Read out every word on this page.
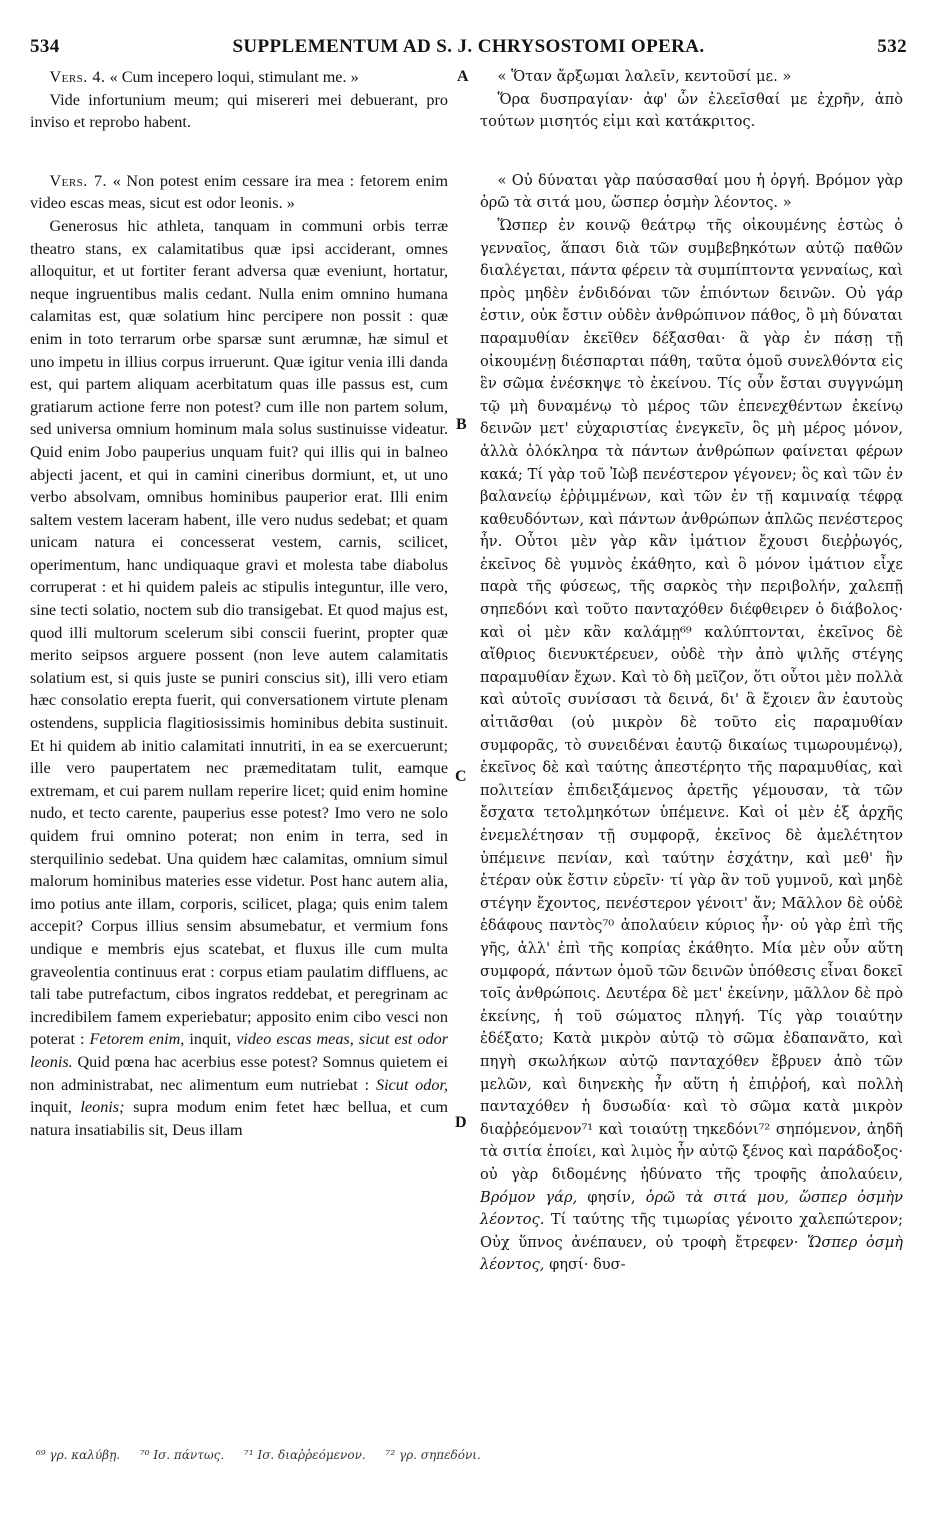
534	SUPPLEMENTUM AD S. J. CHRYSOSTOMI OPERA.	532

Vers. 4. « Cum incepero loqui, stimulant me. »

Vide infortunium meum; qui misereri mei debuerant, pro inviso et reprobo habent.

Vers. 7. « Non potest enim cessare ira mea : fetorem enim video escas meas, sicut est odor leonis. »

Generosus hic athleta, tanquam in communi orbis terræ theatro stans, ex calamitatibus quæ ipsi acciderant, omnes alloquitur, et ut fortiter ferant adversa quæ eveniunt, hortatur, neque ingruentibus malis cedant. Nulla enim omnino humana calamitas est, quæ solatium hinc percipere non possit : quæ enim in toto terrarum orbe sparsæ sunt ærumnæ, hæ simul et uno impetu in illius corpus irruerunt. Quæ igitur venia illi danda est, qui partem aliquam acerbitatum quas ille passus est, cum gratiarum actione ferre non potest? cum ille non partem solum, sed universa omnium hominum mala solus sustinuisse videatur. Quid enim Jobo pauperius unquam fuit? qui illis qui in balneo abjecti jacent, et qui in camini cineribus dormiunt, et, ut uno verbo absolvam, omnibus hominibus pauperior erat. Illi enim saltem vestem laceram habent, ille vero nudus sedebat; et quam unicam natura ei concesserat vestem, carnis, scilicet, operimentum, hanc undiquaque gravi et molesta tabe diabolus corruperat : et hi quidem paleis ac stipulis integuntur, ille vero, sine tecti solatio, noctem sub dio transigebat. Et quod majus est, quod illi multorum scelerum sibi conscii fuerint, propter quæ merito seipsos arguere possent (non leve autem calamitatis solatium est, si quis juste se puniri conscius sit), illi vero etiam hæc consolatio erepta fuerit, qui conversationem virtute plenam ostendens, supplicia flagitiosissimis hominibus debita sustinuit. Et hi quidem ab initio calamitati innutriti, in ea se exercuerunt; ille vero paupertatem nec præmeditatam tulit, eamque extremam, et cui parem nullam reperire licet; quid enim homine nudo, et tecto carente, pauperius esse potest? Imo vero ne solo quidem frui omnino poterat; non enim in terra, sed in sterquilinio sedebat. Una quidem hæc calamitas, omnium simul malorum hominibus materies esse videtur. Post hanc autem alia, imo potius ante illam, corporis, scilicet, plaga; quis enim talem accepit? Corpus illius sensim absumebatur, et vermium fons undique e membris ejus scatebat, et fluxus ille cum multa graveolentia continuus erat : corpus etiam paulatim diffluens, ac tali tabe putrefactum, cibos ingratos reddebat, et peregrinam ac incredibilem famem experiebatur; apposito enim cibo vesci non poterat : Fetorem enim, inquit, video escas meas, sicut est odor leonis. Quid pœna hac acerbius esse potest? Somnus quietem ei non administrabat, nec alimentum eum nutriebat : Sicut odor, inquit, leonis; supra modum enim fetet hæc bellua, et cum natura insatiabilis sit, Deus illam

A
B
C
D

« Ὅταν ἄρξωμαι λαλεῖν, κεντοῦσί με. »

Ὅρα δυσπραγίαν· ἀφ' ὧν ἐλεεῖσθαί με ἐχρῆν, ἀπὸ τούτων μισητός εἰμι καὶ κατάκριτος.

« Οὐ δύναται γὰρ παύσασθαί μου ἡ ὀργή. Βρόμον γὰρ ὁρῶ τὰ σιτά μου, ὥσπερ ὀσμὴν λέοντος. »

Ὥσπερ ἐν κοινῷ θεάτρῳ τῆς οἰκουμένης ἑστὼς ὁ γενναῖος, ἅπασι διὰ τῶν συμβεβηκότων αὐτῷ παθῶν διαλέγεται, πάντα φέρειν τὰ συμπίπτοντα γενναίως, καὶ πρὸς μηδὲν ἐνδιδόναι τῶν ἐπιόντων δεινῶν. Οὐ γάρ ἐστιν, οὐκ ἔστιν οὐδὲν ἀνθρώπινον πάθος, ὃ μὴ δύναται παραμυθίαν ἐκεῖθεν δέξασθαι· ἃ γὰρ ἐν πάσῃ τῇ οἰκουμένῃ διέσπαρται πάθη, ταῦτα ὁμοῦ συνελθόντα εἰς ἓν σῶμα ἐνέσκηψε τὸ ἐκείνου. Τίς οὖν ἔσται συγγνώμη τῷ μὴ δυναμένῳ τὸ μέρος τῶν ἐπενεχθέντων ἐκείνῳ δεινῶν μετ' εὐχαριστίας ἐνεγκεῖν, ὃς μὴ μέρος μόνον, ἀλλὰ ὁλόκληρα τὰ πάντων ἀνθρώπων φαίνεται φέρων κακά; Τί γὰρ τοῦ Ἰὼβ πενέστερον γέγονεν; ὃς καὶ τῶν ἐν βαλανείῳ ἐῤῥιμμένων, καὶ τῶν ἐν τῇ καμιναίᾳ τέφρᾳ καθευδόντων, καὶ πάντων ἀνθρώπων ἁπλῶς πενέστερος ἦν. Οὗτοι μὲν γὰρ κἂν ἱμάτιον ἔχουσι διεῤῥωγός, ἐκεῖνος δὲ γυμνὸς ἐκάθητο, καὶ ὃ μόνον ἱμάτιον εἶχε παρὰ τῆς φύσεως, τῆς σαρκὸς τὴν περιβολήν, χαλεπῇ σηπεδόνι καὶ τοῦτο πανταχόθεν διέφθειρεν ὁ διάβολος· καὶ οἱ μὲν κἂν καλάμῃ⁶⁹ καλύπτονται, ἐκεῖνος δὲ αἴθριος διενυκτέρευεν, οὐδὲ τὴν ἀπὸ ψιλῆς στέγης παραμυθίαν ἔχων. Καὶ τὸ δὴ μεῖζον, ὅτι οὗτοι μὲν πολλὰ καὶ αὐτοῖς συνίσασι τὰ δεινά, δι' ἃ ἔχοιεν ἂν ἑαυτοὺς αἰτιᾶσθαι (οὐ μικρὸν δὲ τοῦτο εἰς παραμυθίαν συμφορᾶς, τὸ συνειδέναι ἑαυτῷ δικαίως τιμωρουμένῳ), ἐκεῖνος δὲ καὶ ταύτης ἀπεστέρητο τῆς παραμυθίας, καὶ πολιτείαν ἐπιδειξάμενος ἀρετῆς γέμουσαν, τὰ τῶν ἔσχατα τετολμηκότων ὑπέμεινε. Καὶ οἱ μὲν ἐξ ἀρχῆς ἐνεμελέτησαν τῇ συμφορᾷ, ἐκεῖνος δὲ ἀμελέτητον ὑπέμεινε πενίαν, καὶ ταύτην ἐσχάτην, καὶ μεθ' ἣν ἑτέραν οὐκ ἔστιν εὑρεῖν· τί γὰρ ἂν τοῦ γυμνοῦ, καὶ μηδὲ στέγην ἔχοντος, πενέστερον γένοιτ' ἄν; Μᾶλλον δὲ οὐδὲ ἐδάφους παντὸς⁷⁰ ἀπολαύειν κύριος ἦν· οὐ γὰρ ἐπὶ τῆς γῆς, ἀλλ' ἐπὶ τῆς κοπρίας ἐκάθητο. Μία μὲν οὖν αὕτη συμφορά, πάντων ὁμοῦ τῶν δεινῶν ὑπόθεσις εἶναι δοκεῖ τοῖς ἀνθρώποις. Δευτέρα δὲ μετ' ἐκείνην, μᾶλλον δὲ πρὸ ἐκείνης, ἡ τοῦ σώματος πληγή. Τίς γὰρ τοιαύτην ἐδέξατο; Κατὰ μικρὸν αὐτῷ τὸ σῶμα ἐδαπανᾶτο, καὶ πηγὴ σκωλήκων αὐτῷ πανταχόθεν ἔβρυεν ἀπὸ τῶν μελῶν, καὶ διηνεκὴς ἦν αὕτη ἡ ἐπιῤῥοή, καὶ πολλὴ πανταχόθεν ἡ δυσωδία· καὶ τὸ σῶμα κατὰ μικρὸν διαῤῥεόμενον⁷¹ καὶ τοιαύτῃ τηκεδόνι⁷² σηπόμενον, ἀηδῆ τὰ σιτία ἐποίει, καὶ λιμὸς ἦν αὐτῷ ξένος καὶ παράδοξος· οὐ γὰρ διδομένης ἠδύνατο τῆς τροφῆς ἀπολαύειν, Βρόμον γάρ, φησίν, ὁρῶ τὰ σιτά μου, ὥσπερ ὀσμὴν λέοντος. Τί ταύτης τῆς τιμωρίας γένοιτο χαλεπώτερον; Οὐχ ὕπνος ἀνέπαυεν, οὐ τροφὴ ἔτρεφεν· Ὥσπερ ὀσμὴ λέοντος, φησί· δυσ-

⁶⁹ γρ. καλύβῃ. ⁷⁰ Ισ. πάντως. ⁷¹ Ισ. διαῤῥεόμενον. ⁷² γρ. σηπεδόνι.
